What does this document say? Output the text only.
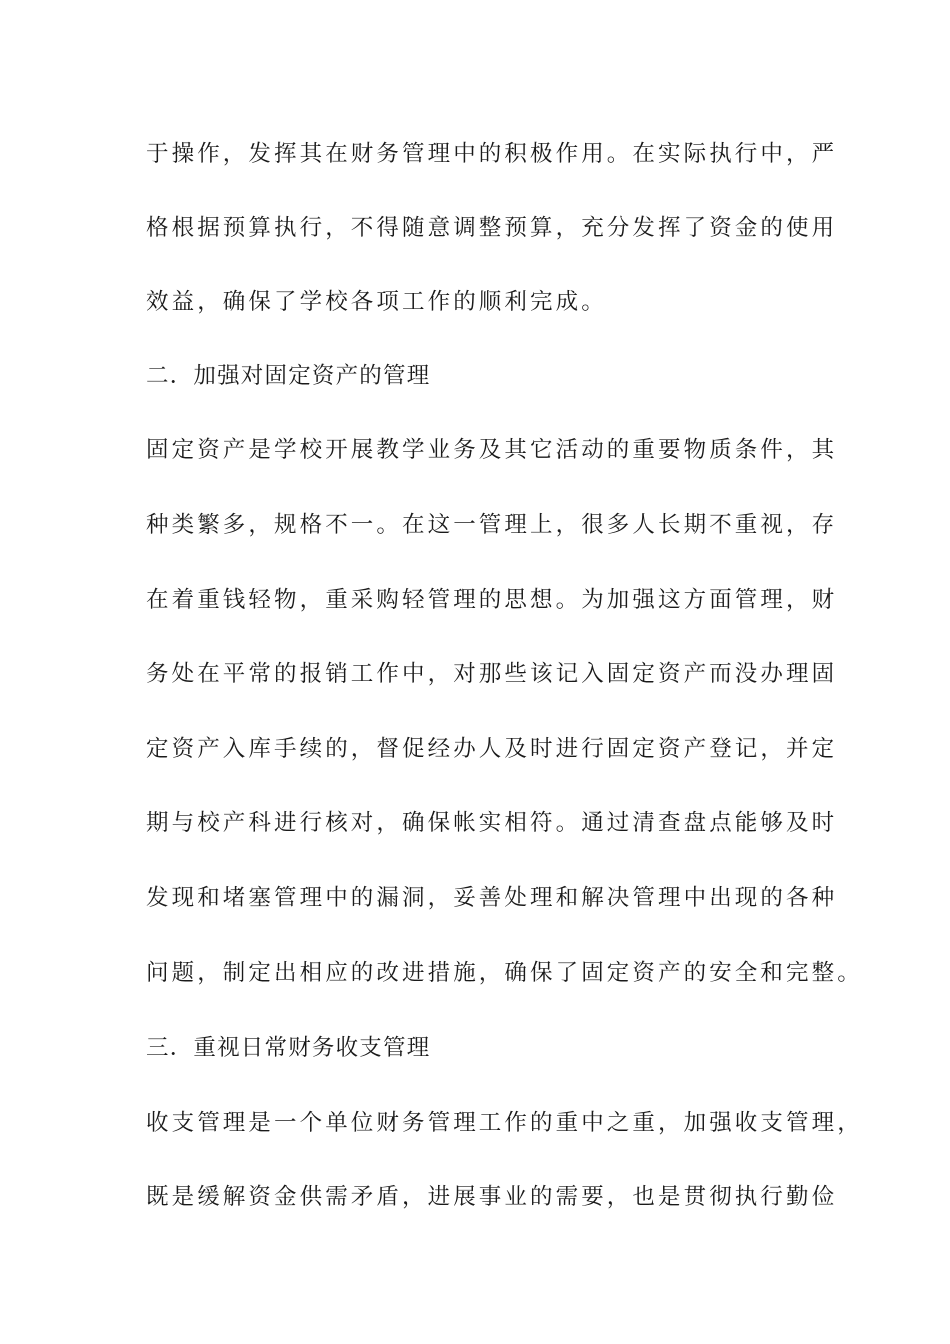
于操作，发挥其在财务管理中的积极作用。在实际执行中，严
格根据预算执行，不得随意调整预算，充分发挥了资金的使用
效益，确保了学校各项工作的顺利完成。
二．加强对固定资产的管理
固定资产是学校开展教学业务及其它活动的重要物质条件，其
种类繁多，规格不一。在这一管理上，很多人长期不重视，存
在着重钱轻物，重采购轻管理的思想。为加强这方面管理，财
务处在平常的报销工作中，对那些该记入固定资产而没办理固
定资产入库手续的，督促经办人及时进行固定资产登记，并定
期与校产科进行核对，确保帐实相符。通过清查盘点能够及时
发现和堵塞管理中的漏洞，妥善处理和解决管理中出现的各种
问题，制定出相应的改进措施，确保了固定资产的安全和完整。
三．重视日常财务收支管理
收支管理是一个单位财务管理工作的重中之重，加强收支管理，
既是缓解资金供需矛盾，进展事业的需要，也是贯彻执行勤俭
